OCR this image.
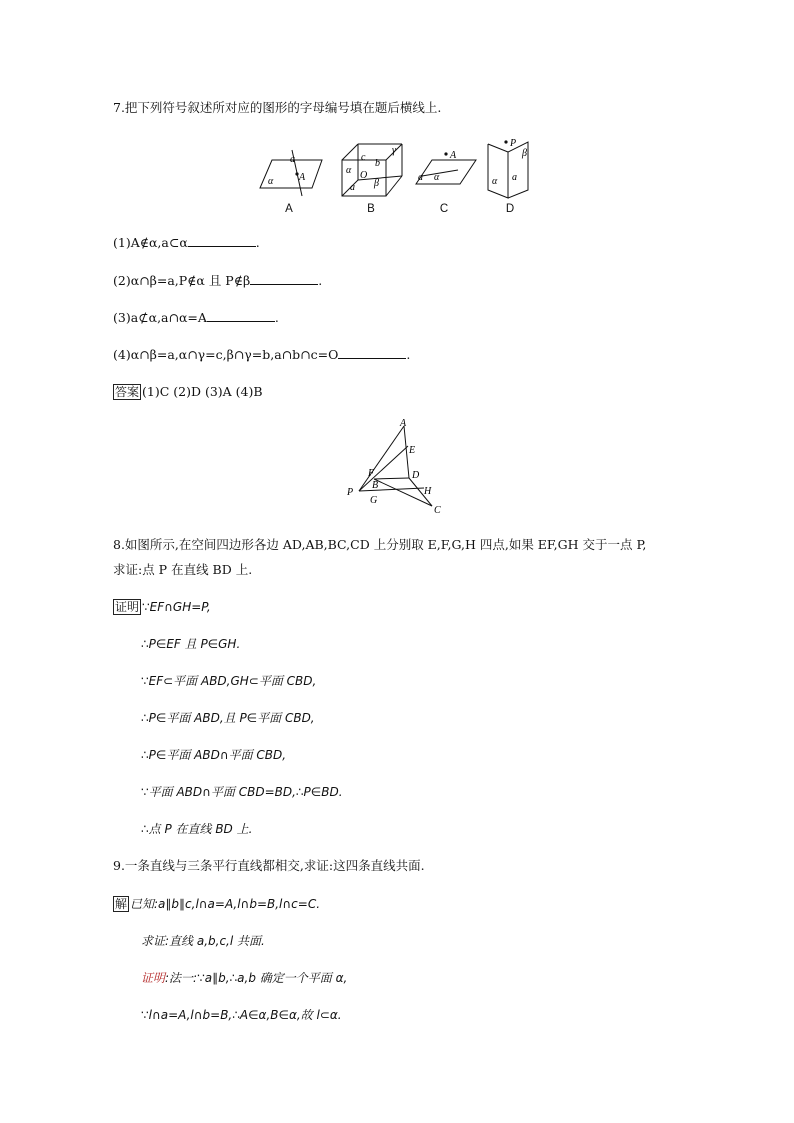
7.把下列符号叙述所对应的图形的字母编号填在题后横线上.
a
A
α
A
c
γ
b
α O
β
a
B
A
a α
C
P
β
α a
D
(1)A∉α,a⊂α	.
(2)α∩β=a,P∉α 且 P∉β	.
(3)a⊄α,a∩α=A	.
(4)α∩β=a,α∩γ=c,β∩γ=b,a∩b∩c=O	.
答案 (1)C (2)D (3)A (4)B
A
E
F	D
B
H
P
G
C
8.如图所示,在空间四边形各边 AD,AB,BC,CD 上分别取 E,F,G,H 四点,如果 EF,GH 交于一点 P,
求证:点 P 在直线 BD 上.
证明 ∵EF∩GH=P,
∴P∈EF 且 P∈GH.
∵EF⊂平面 ABD,GH⊂平面 CBD,
∴P∈平面 ABD,且 P∈平面 CBD,
∴P∈平面 ABD∩平面 CBD,
∵平面 ABD∩平面 CBD=BD,∴P∈BD.
∴点 P 在直线 BD 上.
9.一条直线与三条平行直线都相交,求证:这四条直线共面.
解 已知:a∥b∥c,l∩a=A,l∩b=B,l∩c=C.
求证:直线 a,b,c,l 共面.
证明:法一:∵a∥b,∴a,b 确定一个平面 α,
∵l∩a=A,l∩b=B,∴A∈α,B∈α,故 l⊂α.
